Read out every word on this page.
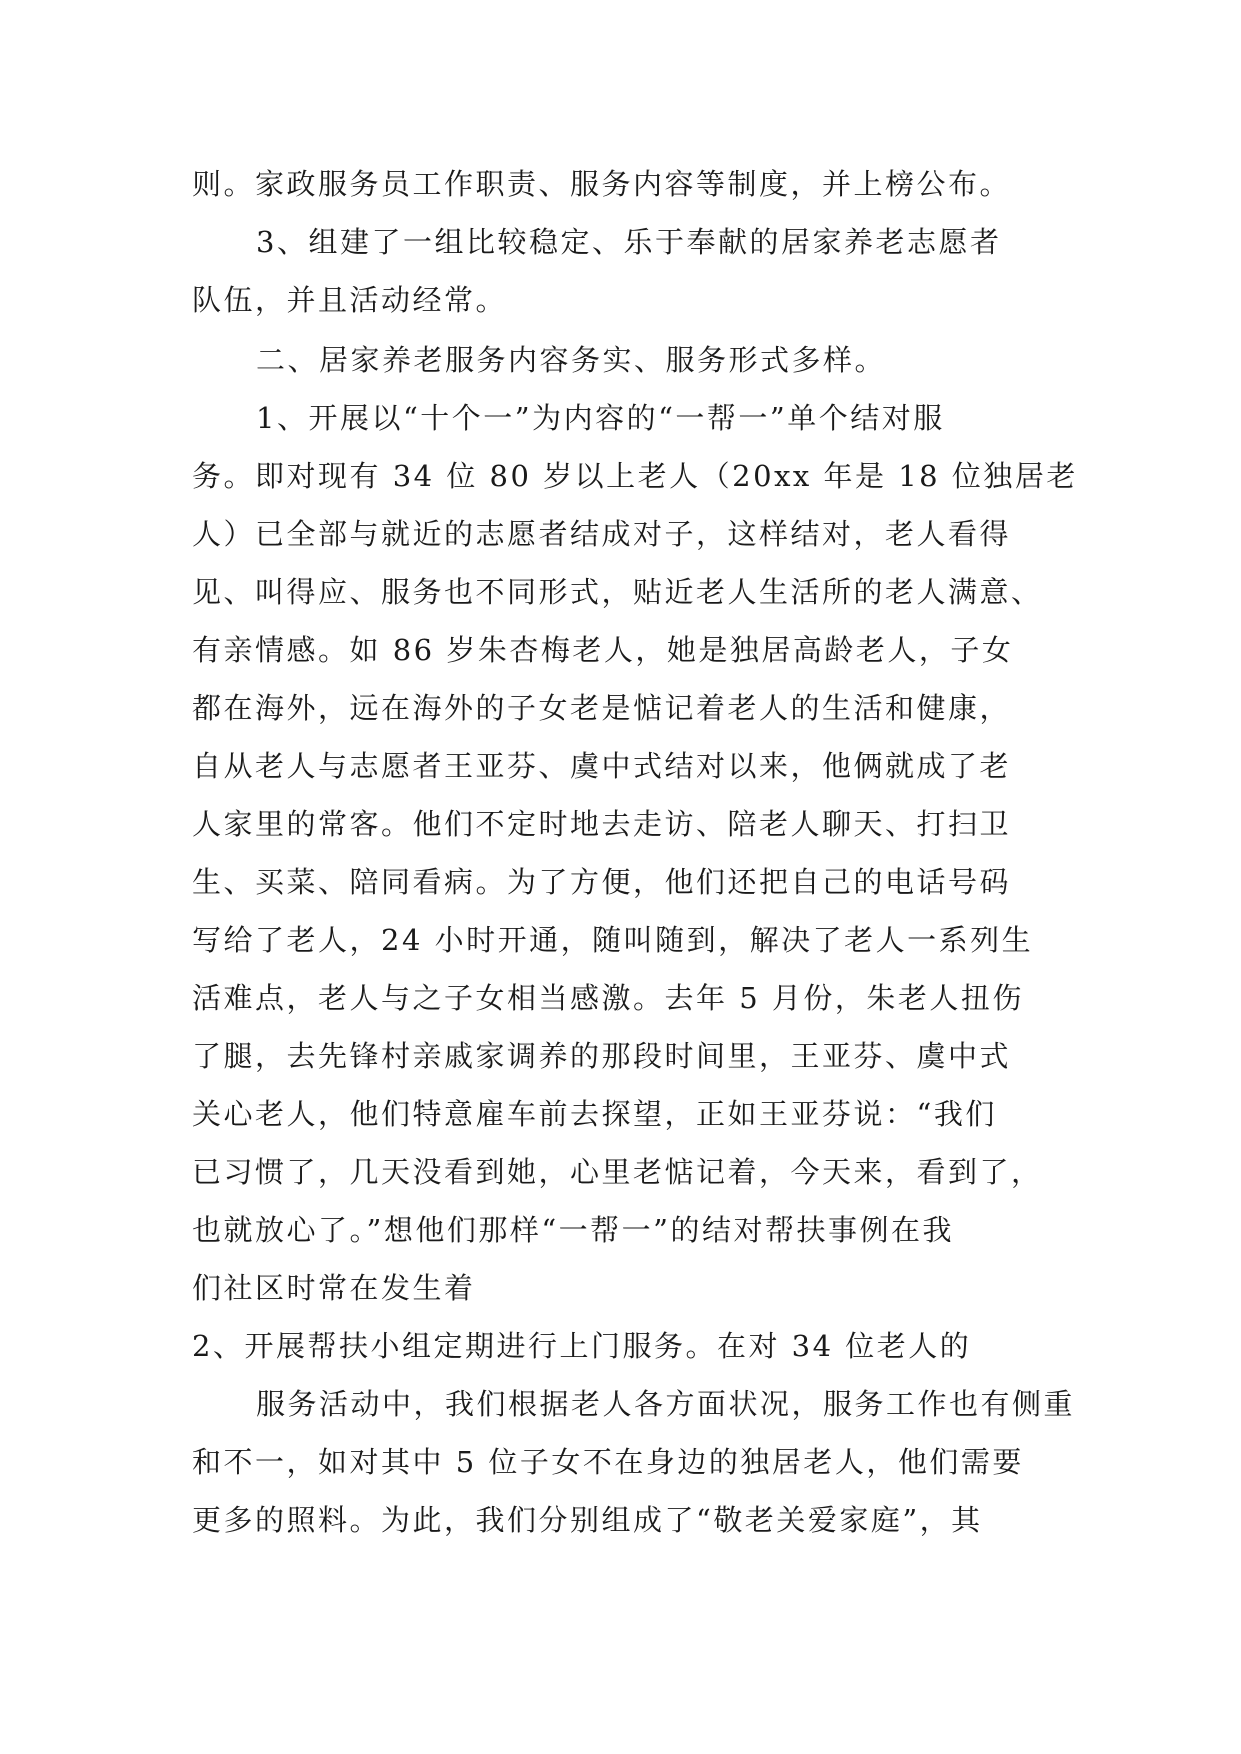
则。家政服务员工作职责、服务内容等制度，并上榜公布。

3、组建了一组比较稳定、乐于奉献的居家养老志愿者

队伍，并且活动经常。

二、居家养老服务内容务实、服务形式多样。

1、开展以“十个一”为内容的“一帮一”单个结对服

务。即对现有 34 位 80 岁以上老人（20xx 年是 18 位独居老

人）已全部与就近的志愿者结成对子，这样结对，老人看得

见、叫得应、服务也不同形式，贴近老人生活所的老人满意、

有亲情感。如 86 岁朱杏梅老人，她是独居高龄老人，子女

都在海外，远在海外的子女老是惦记着老人的生活和健康，

自从老人与志愿者王亚芬、虞中式结对以来，他俩就成了老

人家里的常客。他们不定时地去走访、陪老人聊天、打扫卫

生、买菜、陪同看病。为了方便，他们还把自己的电话号码

写给了老人，24 小时开通，随叫随到，解决了老人一系列生

活难点，老人与之子女相当感激。去年 5 月份，朱老人扭伤

了腿，去先锋村亲戚家调养的那段时间里，王亚芬、虞中式

关心老人，他们特意雇车前去探望，正如王亚芬说：“我们

已习惯了，几天没看到她，心里老惦记着，今天来，看到了，

也就放心了。”想他们那样“一帮一”的结对帮扶事例在我

们社区时常在发生着

2、开展帮扶小组定期进行上门服务。在对 34 位老人的

服务活动中，我们根据老人各方面状况，服务工作也有侧重

和不一，如对其中 5 位子女不在身边的独居老人，他们需要

更多的照料。为此，我们分别组成了“敬老关爱家庭”，其
